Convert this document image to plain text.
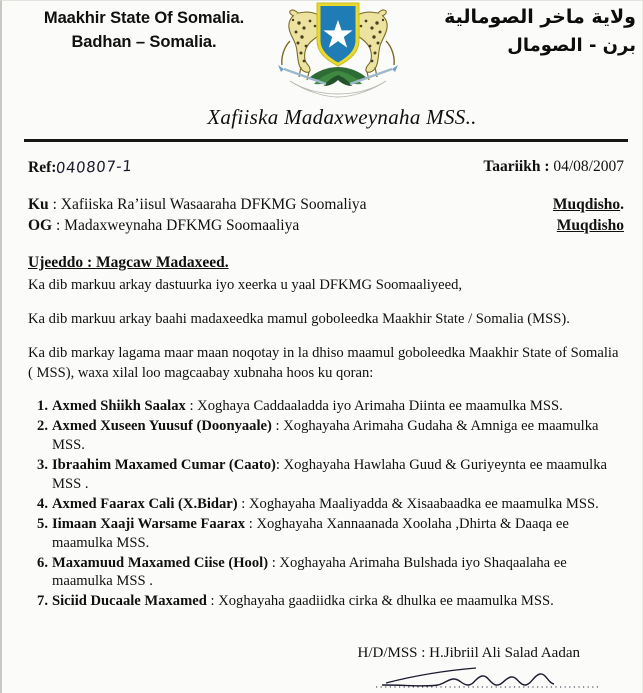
Maakhir State Of Somalia.
Badhan – Somalia.
ولاية ماخر الصومالية
برن - الصومال
Xafiiska Madaxweynaha MSS..
Ref:040807-1	Taariikh : 04/08/2007
Ku : Xafiiska Ra’iisul Wasaaraha DFKMG Soomaliya	Muqdisho.
OG : Madaxweynaha DFKMG Soomaaliya	Muqdisho
Ujeeddo : Magcaw Madaxeed.
Ka dib markuu arkay dastuurka iyo xeerka u yaal DFKMG Soomaaliyeed,
Ka dib markuu arkay baahi madaxeedka mamul goboleedka Maakhir State / Somalia (MSS).
Ka dib markay lagama maar maan noqotay in la dhiso maamul goboleedka Maakhir State of Somalia ( MSS), waxa xilal loo magcaabay xubnaha hoos ku qoran:
1. Axmed Shiikh Saalax : Xoghaya Caddaaladda iyo Arimaha Diinta ee maamulka MSS.
2. Axmed Xuseen Yuusuf (Doonyaale) : Xoghayaha Arimaha Gudaha & Amniga ee maamulka MSS.
3. Ibraahim Maxamed Cumar (Caato): Xoghayaha Hawlaha Guud & Guriyeynta ee maamulka MSS .
4. Axmed Faarax Cali (X.Bidar) : Xoghayaha Maaliyadda & Xisaabaadka ee maamulka MSS.
5. Iimaan Xaaji Warsame Faarax : Xoghayaha Xannaanada Xoolaha ,Dhirta & Daaqa ee maamulka MSS.
6. Maxamuud Maxamed Ciise (Hool) : Xoghayaha Arimaha Bulshada iyo Shaqaalaha ee maamulka MSS .
7. Siciid Ducaale Maxamed : Xoghayaha gaadiidka cirka & dhulka ee maamulka MSS.
H/D/MSS : H.Jibriil Ali Salad Aadan
